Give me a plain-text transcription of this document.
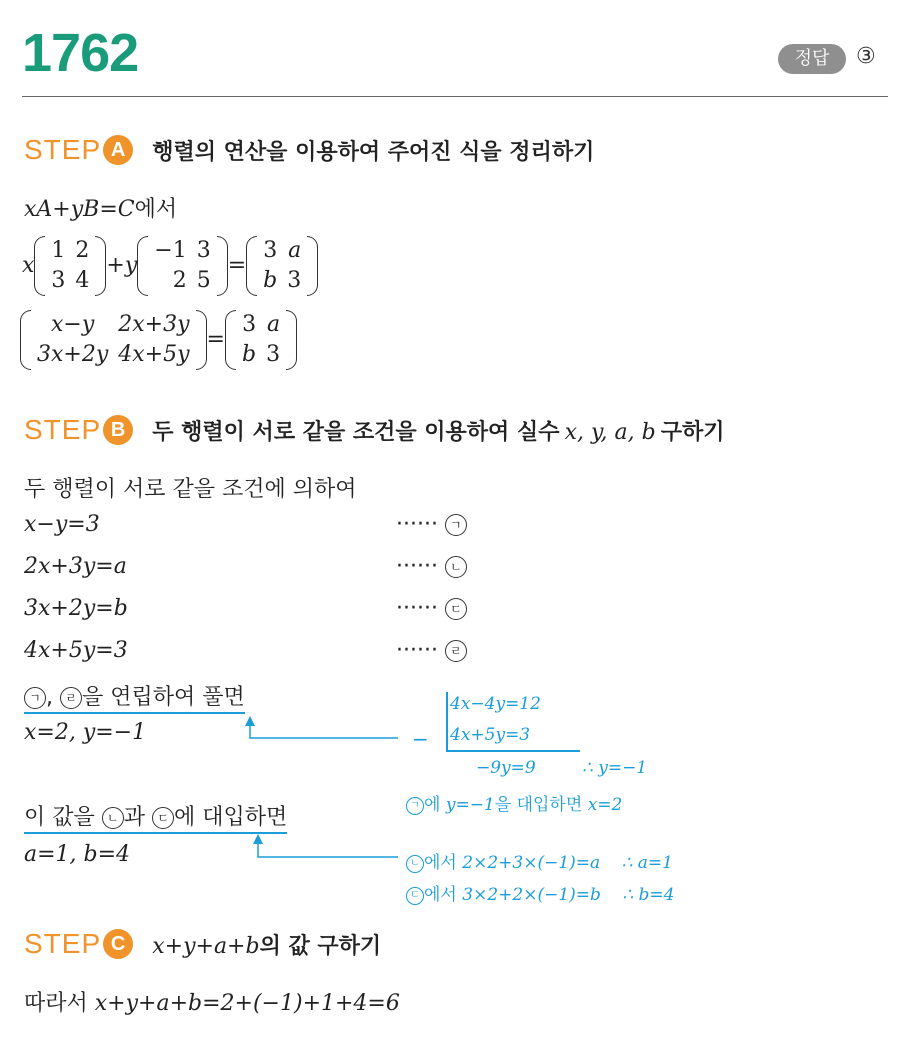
1762	정답	③
STEP A 행렬의 연산을 이용하여 주어진 식을 정리하기
xA+yB=C에서
x
1	2
3	4
+y
−1	3
2	5
=
3	a
b	3
x−y	2x+3y
3x+2y	4x+5y
=
3	a
b	3
STEP B 두 행렬이 서로 같을 조건을 이용하여 실수 x, y, a, b 구하기
두 행렬이 서로 같을 조건에 의하여
x−y=3	······ ㄱ
2x+3y=a	······ ㄴ
3x+2y=b	······ ㄷ
4x+5y=3	······ ㄹ
ㄱ , ㄹ 을 연립하여 풀면
x=2, y=−1
이 값을 ㄴ 과 ㄷ 에 대입하면
a=1, b=4
4x−4y=12
4x+5y=3
−
−9y=9	∴ y=−1
ㄱ 에 y=−1을 대입하면 x=2
ㄴ 에서 2×2+3×(−1)=a ∴ a=1
ㄷ 에서 3×2+2×(−1)=b ∴ b=4
STEP C x+y+a+b의 값 구하기
따라서 x+y+a+b=2+(−1)+1+4=6
